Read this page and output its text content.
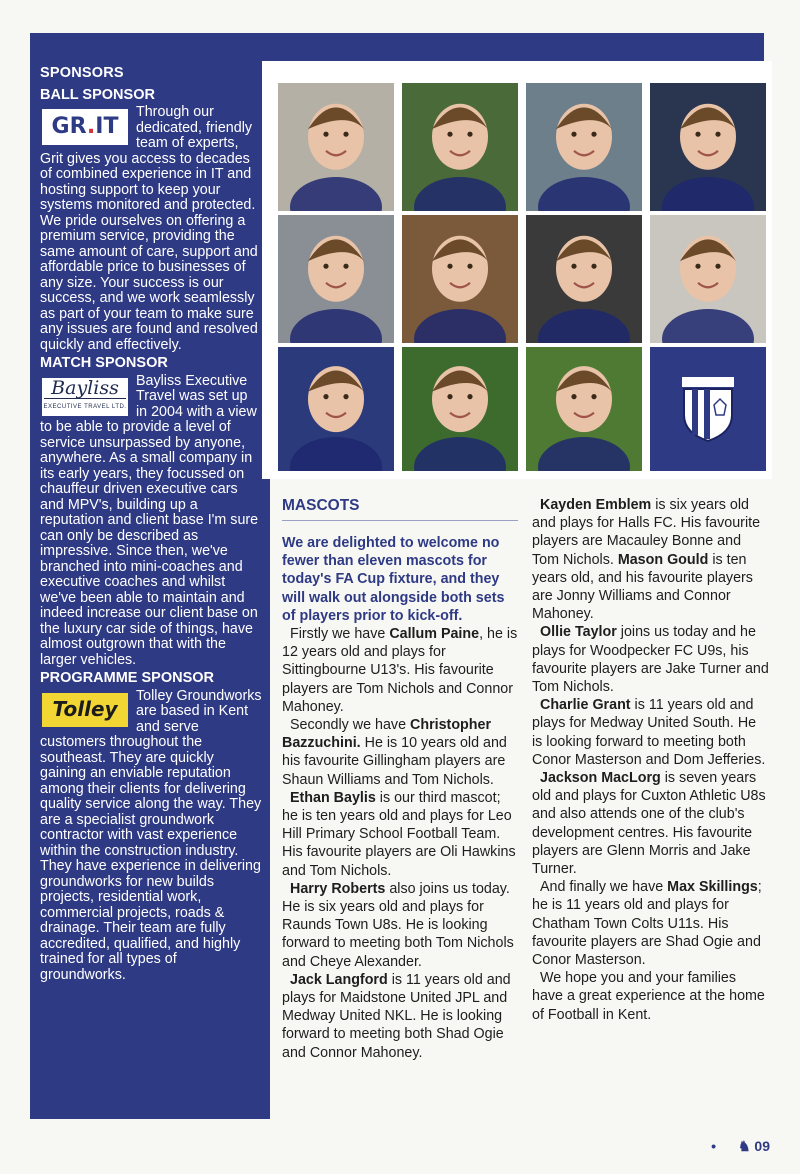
SPONSORS
BALL SPONSOR
GR.IT

Through our dedicated, friendly team of experts, Grit gives you access to decades of combined experience in IT and hosting support to keep your systems monitored and protected. We pride ourselves on offering a premium service, providing the same amount of care, support and affordable price to businesses of any size. Your success is our success, and we work seamlessly as part of your team to make sure any issues are found and resolved quickly and effectively.

MATCH SPONSOR
Bayliss
EXECUTIVE TRAVEL LTD.

Bayliss Executive Travel was set up in 2004 with a view to be able to provide a level of service unsurpassed by anyone, anywhere. As a small company in its early years, they focussed on chauffeur driven executive cars and MPV's, building up a reputation and client base I'm sure can only be described as impressive. Since then, we've branched into mini-coaches and executive coaches and whilst we've been able to maintain and indeed increase our client base on the luxury car side of things, have almost outgrown that with the larger vehicles.

PROGRAMME SPONSOR
Tolley

Tolley Groundworks are based in Kent and serve customers throughout the southeast. They are quickly gaining an enviable reputation among their clients for delivering quality service along the way. They are a specialist groundwork contractor with vast experience within the construction industry. They have experience in delivering groundworks for new builds projects, residential work, commercial projects, roads & drainage. Their team are fully accredited, qualified, and highly trained for all types of groundworks.

MASCOTS

We are delighted to welcome no fewer than eleven mascots for today's FA Cup fixture, and they will walk out alongside both sets of players prior to kick-off.

Firstly we have Callum Paine, he is 12 years old and plays for Sittingbourne U13's. His favourite players are Tom Nichols and Connor Mahoney.

Secondly we have Christopher Bazzuchini. He is 10 years old and his favourite Gillingham players are Shaun Williams and Tom Nichols.

Ethan Baylis is our third mascot; he is ten years old and plays for Leo Hill Primary School Football Team. His favourite players are Oli Hawkins and Tom Nichols.

Harry Roberts also joins us today. He is six years old and plays for Raunds Town U8s. He is looking forward to meeting both Tom Nichols and Cheye Alexander.

Jack Langford is 11 years old and plays for Maidstone United JPL and Medway United NKL. He is looking forward to meeting both Shad Ogie and Connor Mahoney.

Kayden Emblem is six years old and plays for Halls FC. His favourite players are Macauley Bonne and Tom Nichols. Mason Gould is ten years old, and his favourite players are Jonny Williams and Connor Mahoney.

Ollie Taylor joins us today and he plays for Woodpecker FC U9s, his favourite players are Jake Turner and Tom Nichols.

Charlie Grant is 11 years old and plays for Medway United South. He is looking forward to meeting both Conor Masterson and Dom Jefferies.

Jackson MacLorg is seven years old and plays for Cuxton Athletic U8s and also attends one of the club's development centres. His favourite players are Glenn Morris and Jake Turner.

And finally we have Max Skillings; he is 11 years old and plays for Chatham Town Colts U11s. His favourite players are Shad Ogie and Conor Masterson.

We hope you and your families have a great experience at the home of Football in Kent.

• ♞ 09
